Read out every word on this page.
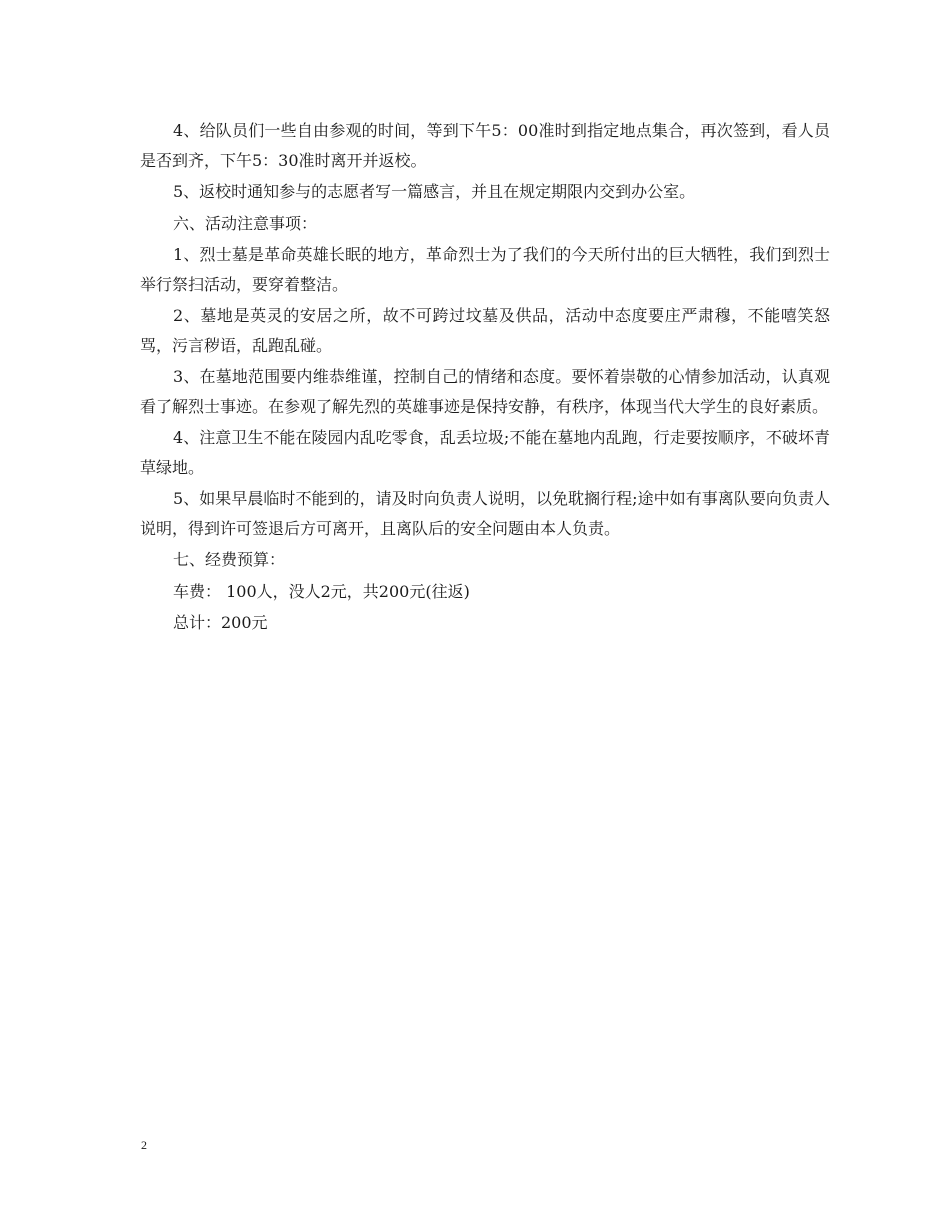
4、给队员们一些自由参观的时间，等到下午5：00准时到指定地点集合，再次签到，看人员是否到齐，下午5：30准时离开并返校。

5、返校时通知参与的志愿者写一篇感言，并且在规定期限内交到办公室。

六、活动注意事项：

1、烈士墓是革命英雄长眠的地方，革命烈士为了我们的今天所付出的巨大牺牲，我们到烈士举行祭扫活动，要穿着整洁。

2、墓地是英灵的安居之所，故不可跨过坟墓及供品，活动中态度要庄严肃穆，不能嘻笑怒骂，污言秽语，乱跑乱碰。

3、在墓地范围要内维恭维谨，控制自己的情绪和态度。要怀着崇敬的心情参加活动，认真观看了解烈士事迹。在参观了解先烈的英雄事迹是保持安静，有秩序，体现当代大学生的良好素质。

4、注意卫生不能在陵园内乱吃零食，乱丢垃圾;不能在墓地内乱跑，行走要按顺序，不破坏青草绿地。

5、如果早晨临时不能到的，请及时向负责人说明，以免耽搁行程;途中如有事离队要向负责人说明，得到许可签退后方可离开，且离队后的安全问题由本人负责。

七、经费预算：

车费： 100人，没人2元，共200元(往返)

总计：200元

2
